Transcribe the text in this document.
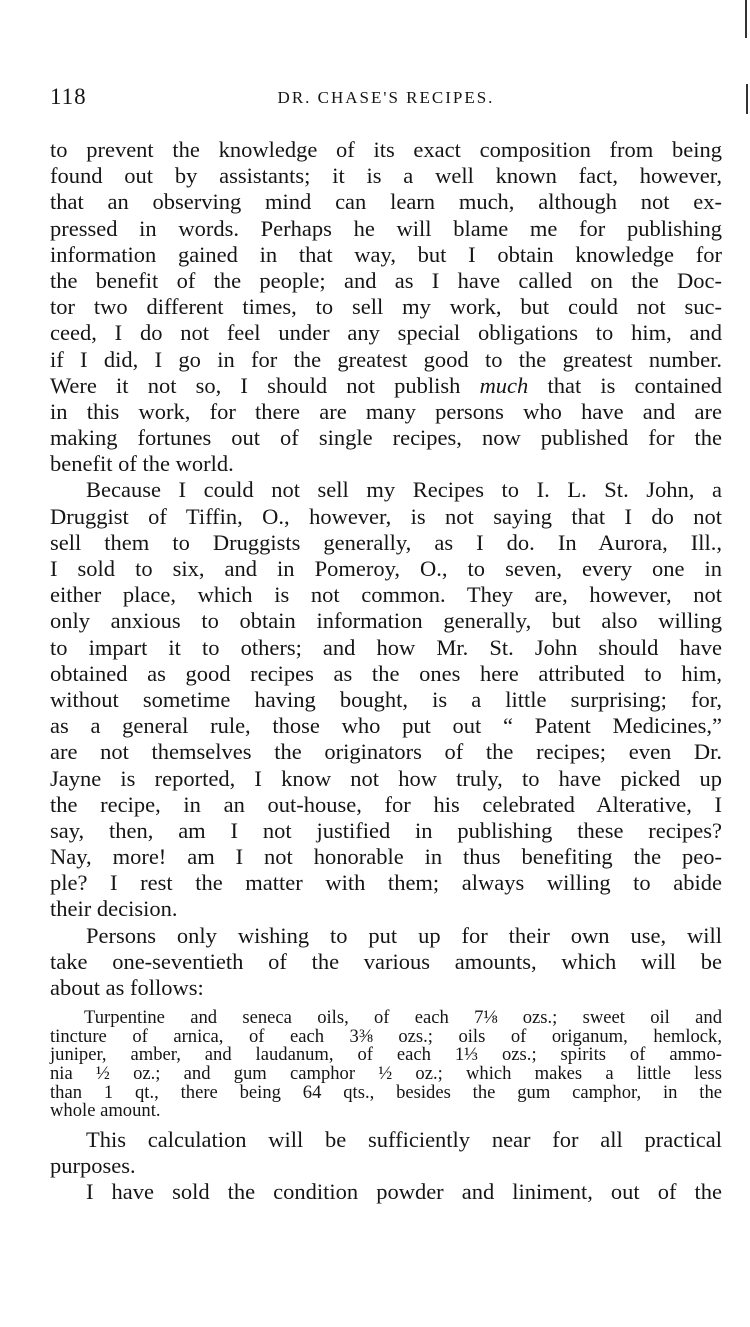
118	DR. CHASE'S RECIPES.
to prevent the knowledge of its exact composition from being
found out by assistants; it is a well known fact, however,
that an observing mind can learn much, although not ex-
pressed in words. Perhaps he will blame me for publishing
information gained in that way, but I obtain knowledge for
the benefit of the people; and as I have called on the Doc-
tor two different times, to sell my work, but could not suc-
ceed, I do not feel under any special obligations to him, and
if I did, I go in for the greatest good to the greatest number.
Were it not so, I should not publish much that is contained
in this work, for there are many persons who have and are
making fortunes out of single recipes, now published for the
benefit of the world.
Because I could not sell my Recipes to I. L. St. John, a
Druggist of Tiffin, O., however, is not saying that I do not
sell them to Druggists generally, as I do. In Aurora, Ill.,
I sold to six, and in Pomeroy, O., to seven, every one in
either place, which is not common. They are, however, not
only anxious to obtain information generally, but also willing
to impart it to others; and how Mr. St. John should have
obtained as good recipes as the ones here attributed to him,
without sometime having bought, is a little surprising; for,
as a general rule, those who put out “ Patent Medicines,”
are not themselves the originators of the recipes; even Dr.
Jayne is reported, I know not how truly, to have picked up
the recipe, in an out-house, for his celebrated Alterative, I
say, then, am I not justified in publishing these recipes?
Nay, more! am I not honorable in thus benefiting the peo-
ple? I rest the matter with them; always willing to abide
their decision.
Persons only wishing to put up for their own use, will
take one-seventieth of the various amounts, which will be
about as follows:
Turpentine and seneca oils, of each 7⅛ ozs.; sweet oil and
tincture of arnica, of each 3⅜ ozs.; oils of origanum, hemlock,
juniper, amber, and laudanum, of each 1⅓ ozs.; spirits of ammo-
nia ½ oz.; and gum camphor ½ oz.; which makes a little less
than 1 qt., there being 64 qts., besides the gum camphor, in the
whole amount.
This calculation will be sufficiently near for all practical
purposes.
I have sold the condition powder and liniment, out of the
